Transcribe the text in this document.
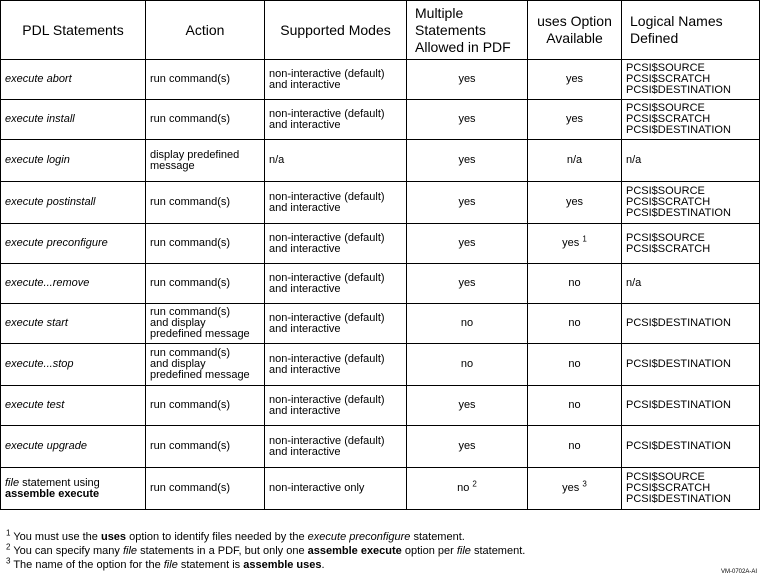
PDL Statements	Action	Supported Modes	Multiple
Statements
Allowed in PDF	uses Option
Available	Logical Names
Defined
execute abort	run command(s)	non-interactive (default)
and interactive	yes	yes	PCSI$SOURCE
PCSI$SCRATCH
PCSI$DESTINATION
execute install	run command(s)	non-interactive (default)
and interactive	yes	yes	PCSI$SOURCE
PCSI$SCRATCH
PCSI$DESTINATION
execute login	display predefined
message	n/a	yes	n/a	n/a
execute postinstall	run command(s)	non-interactive (default)
and interactive	yes	yes	PCSI$SOURCE
PCSI$SCRATCH
PCSI$DESTINATION
execute preconfigure	run command(s)	non-interactive (default)
and interactive	yes	yes $^1$	PCSI$SOURCE
PCSI$SCRATCH
execute...remove	run command(s)	non-interactive (default)
and interactive	yes	no	n/a
execute start	run command(s)
and display
predefined message	non-interactive (default)
and interactive	no	no	PCSI$DESTINATION
execute...stop	run command(s)
and display
predefined message	non-interactive (default)
and interactive	no	no	PCSI$DESTINATION
execute test	run command(s)	non-interactive (default)
and interactive	yes	no	PCSI$DESTINATION
execute upgrade	run command(s)	non-interactive (default)
and interactive	yes	no	PCSI$DESTINATION
file statement using
assemble execute	run command(s)	non-interactive only	no $^2$	yes $^3$	PCSI$SOURCE
PCSI$SCRATCH
PCSI$DESTINATION
$^1$ You must use the uses option to identify files needed by the execute preconfigure statement.
$^2$ You can specify many file statements in a PDF, but only one assemble execute option per file statement.
$^3$ The name of the option for the file statement is assemble uses.
VM-0702A-AI
